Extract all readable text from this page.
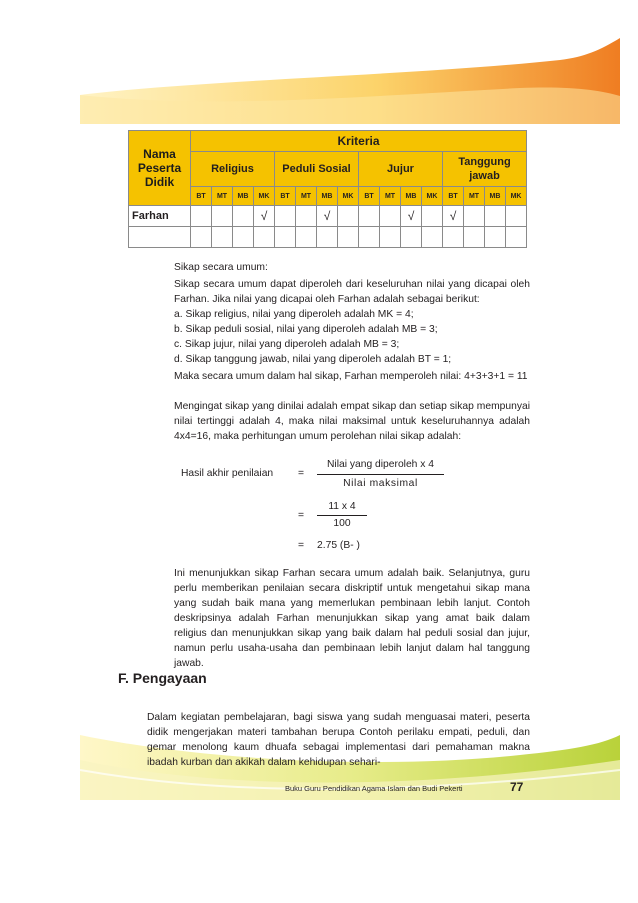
Nama
Peserta
Didik	Kriteria															
	Religius				Peduli Sosial				Jujur				Tanggung jawab			
	BT	MT	MB	MK	BT	MT	MB	MK	BT	MT	MB	MK	BT	MT	MB	MK
Farhan				√			√				√		√			

Sikap secara umum:
Sikap secara umum dapat diperoleh dari keseluruhan nilai yang dicapai oleh Farhan. Jika nilai yang dicapai oleh Farhan adalah sebagai berikut:
a. Sikap religius, nilai yang diperoleh adalah MK = 4;
b. Sikap peduli sosial, nilai yang diperoleh adalah MB = 3;
c. Sikap jujur, nilai yang diperoleh adalah MB = 3;
d. Sikap tanggung jawab, nilai yang diperoleh adalah BT = 1;
Maka secara umum dalam hal sikap, Farhan memperoleh nilai: 4+3+3+1 = 11
Mengingat sikap yang dinilai adalah empat sikap dan setiap sikap mempunyai nilai tertinggi adalah 4, maka nilai maksimal untuk keseluruhannya adalah 4x4=16, maka perhitungan umum perolehan nilai sikap adalah:
Hasil akhir penilaian =
Nilai yang diperoleh x 4
Nilai maksimal
=
11 x 4
100
= 2.75 (B- )
Ini menunjukkan sikap Farhan secara umum adalah baik. Selanjutnya, guru perlu memberikan penilaian secara diskriptif untuk mengetahui sikap mana yang sudah baik mana yang memerlukan pembinaan lebih lanjut. Contoh deskripsinya adalah Farhan menunjukkan sikap yang amat baik dalam religius dan menunjukkan sikap yang baik dalam hal peduli sosial dan jujur, namun perlu usaha-usaha dan pembinaan lebih lanjut dalam hal tanggung jawab.
F. Pengayaan
Dalam kegiatan pembelajaran, bagi siswa yang sudah menguasai materi, peserta didik mengerjakan materi tambahan berupa Contoh perilaku empati, peduli, dan gemar menolong kaum dhuafa sebagai implementasi dari pemahaman makna ibadah kurban dan akikah dalam kehidupan sehari-
Buku Guru Pendidikan Agama Islam dan Budi Pekerti	77
